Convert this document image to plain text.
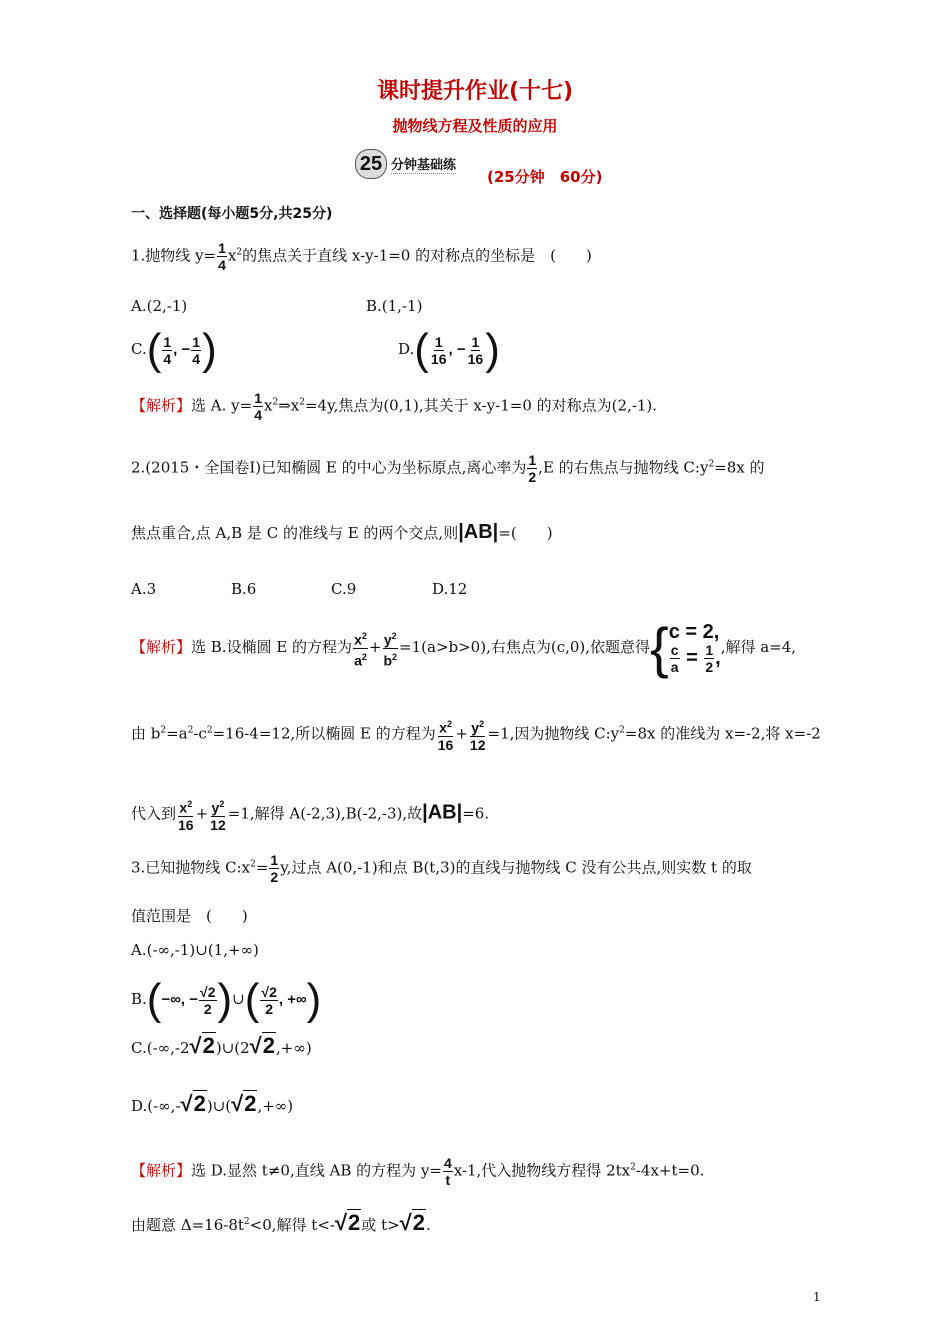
课时提升作业(十七)
抛物线方程及性质的应用
25 分钟基础练
(25分钟　60分)
一、选择题(每小题5分,共25分)
1.抛物线 $y= \frac{1}{4} x^2$的焦点关于直线 x-y-1=0 的对称点的坐标是　(　　)
A.(2,-1)	B.(1,-1)
$C.( \frac{1}{4}$ , − $\frac{1}{4}$ )	$D.( \frac{1}{16}$ , − $\frac{1}{16}$ )
【解析】选 A. $y= \frac{1}{4}$ $x^2\Rightarrow x^2=4y$,焦点为(0,1),其关于 x-y-1=0 的对称点为(2,-1).
2.(2015・全国卷Ⅰ)已知椭圆 E 的中心为坐标原点,离心率为 $\frac{1}{2} ,E$ 的右焦点与抛物线 $C:y^2=8x$ 的
焦点重合,点 A,B 是 C 的准线与 E 的两个交点,则|AB|=(　　)
A.3	B.6	C.9	D.12
【解析】选 B.设椭圆 E 的方程为 $\frac{x^2}{a^2} + \frac{y^2}{b^2} =1(a>b>0)$,右焦点为(c,0),依题意得{ c = 2,
$\frac{c}{a} = \frac{1}{2}$ , ,解得 a=4,
由 $b^2=a^2-c^2=16-4=12$,所以椭圆 E 的方程为 $\frac{x^2}{16} + \frac{y^2}{12} =1$,因为抛物线 $C:y^2=8x$ 的准线为 x=-2,将 x=-2
代入到 $\frac{x^2}{16} + \frac{y^2}{12} =1$,解得 A(-2,3),B(-2,-3),故|AB|=6.
3.已知抛物线 $C:x^2= \frac{1}{2} y$,过点 A(0,-1)和点 B(t,3)的直线与抛物线 C 没有公共点,则实数 t 的取
值范围是　(　　)
A.(-∞,-1)∪(1,+∞)
B.(−∞, − $\frac{√2}{2}$ )∪( $\frac{√2}{2}$ , +∞)
C.(-∞,-2√2)∪(2√2,+∞)
D.(-∞,-√2)∪(√2,+∞)
【解析】选 D.显然 t≠0,直线 AB 的方程为 $y= \frac{4}{t} x-1$,代入抛物线方程得 $2tx^2-4x+t=0$.
由题意 $\Delta=16-8t^2<0$,解得 t<-√2或 t>√2.
1
